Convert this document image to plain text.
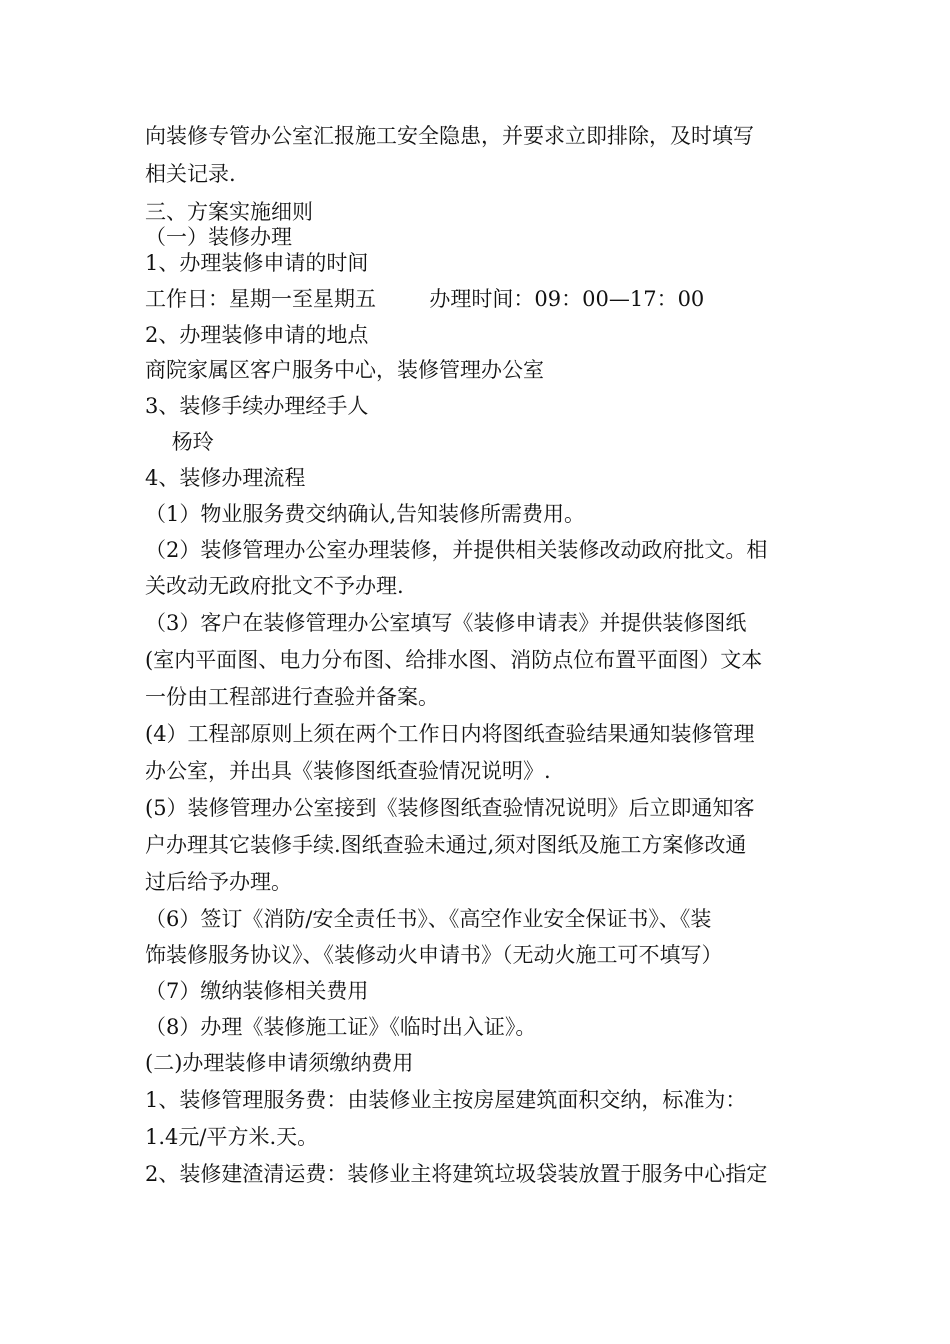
向装修专管办公室汇报施工安全隐患，并要求立即排除，及时填写

相关记录.

三、方案实施细则

（一）装修办理

1、办理装修申请的时间

工作日：星期一至星期五        办理时间：09：00—17：00

2、办理装修申请的地点

商院家属区客户服务中心，装修管理办公室

3、装修手续办理经手人

杨玲

4、装修办理流程

（1）物业服务费交纳确认,告知装修所需费用。

（2）装修管理办公室办理装修，并提供相关装修改动政府批文。相

关改动无政府批文不予办理.

（3）客户在装修管理办公室填写《装修申请表》并提供装修图纸

(室内平面图、电力分布图、给排水图、消防点位布置平面图）文本

一份由工程部进行查验并备案。

(4）工程部原则上须在两个工作日内将图纸查验结果通知装修管理

办公室，并出具《装修图纸查验情况说明》.

(5）装修管理办公室接到《装修图纸查验情况说明》后立即通知客

户办理其它装修手续.图纸查验未通过,须对图纸及施工方案修改通

过后给予办理。

（6）签订《消防/安全责任书》、《高空作业安全保证书》、《装

饰装修服务协议》、《装修动火申请书》（无动火施工可不填写）

（7）缴纳装修相关费用

（8）办理《装修施工证》《临时出入证》。

(二)办理装修申请须缴纳费用

1、装修管理服务费：由装修业主按房屋建筑面积交纳，标准为：

1.4元/平方米.天。

2、装修建渣清运费：装修业主将建筑垃圾袋装放置于服务中心指定
